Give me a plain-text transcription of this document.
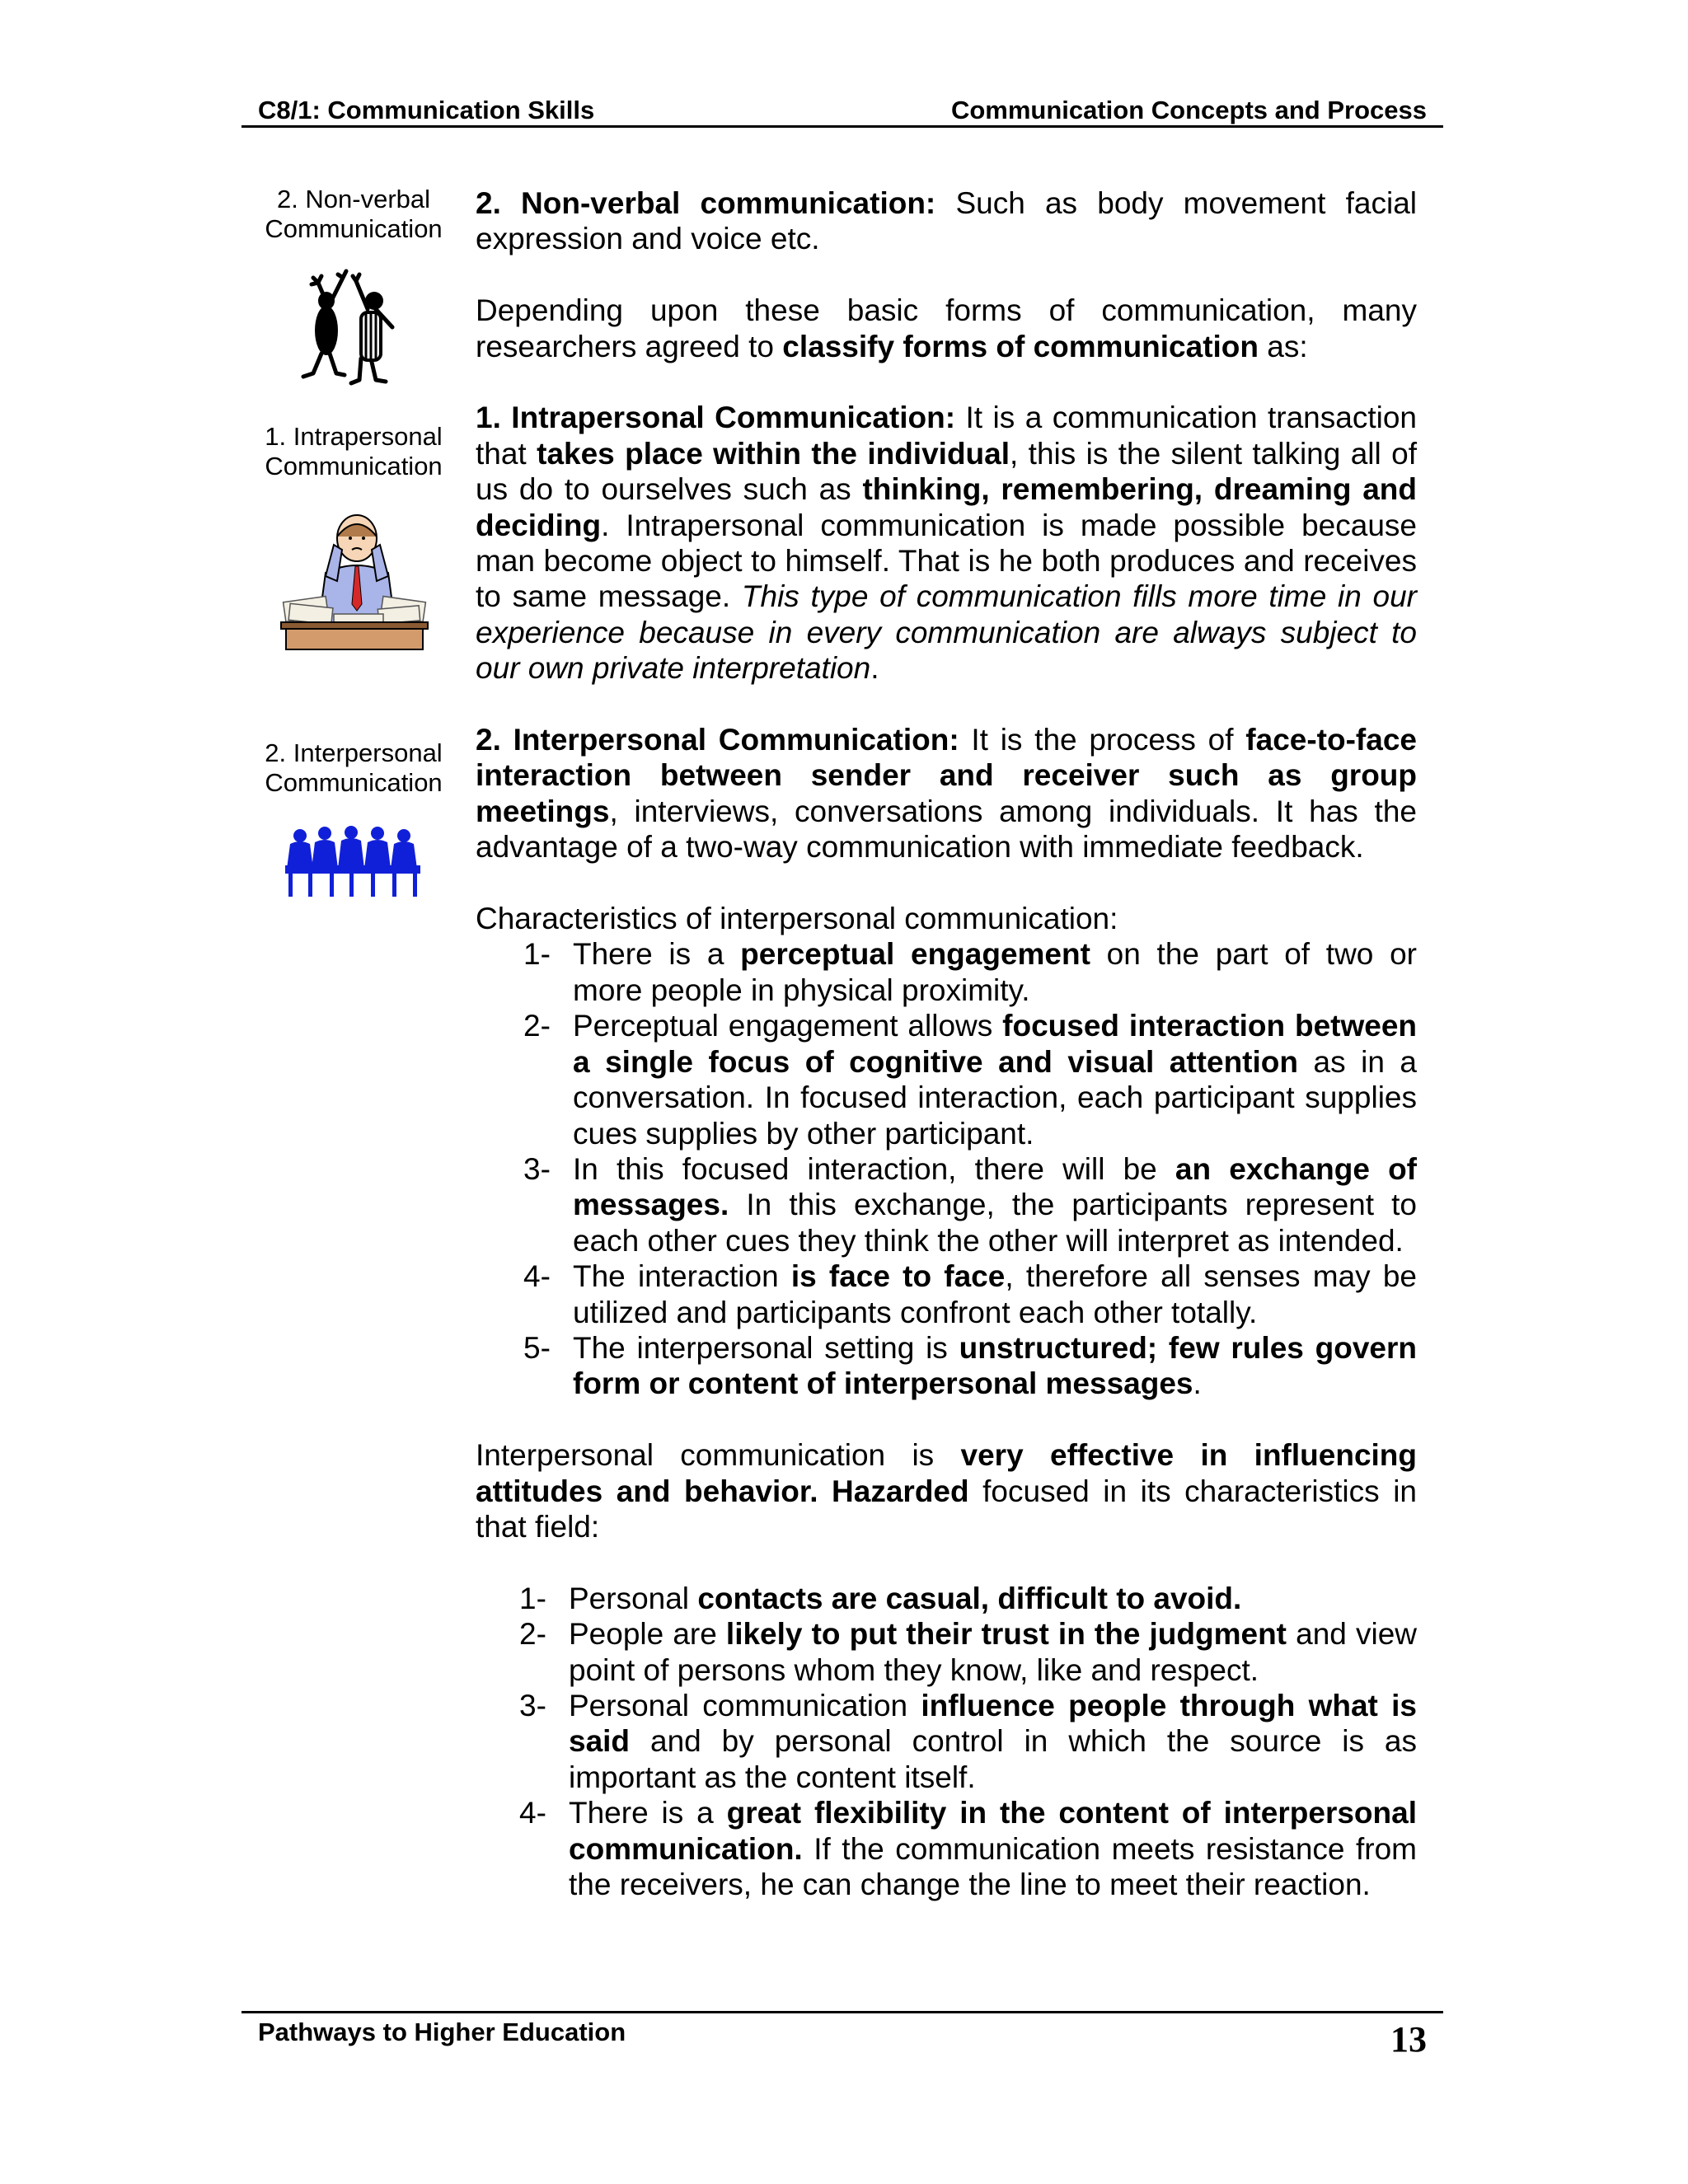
C8/1: Communication Skills	Communication Concepts and Process
2. Non-verbal
Communication
1. Intrapersonal
Communication
2. Interpersonal
Communication

2. Non-verbal communication: Such as body movement facial expression and voice etc.

Depending upon these basic forms of communication, many researchers agreed to classify forms of communication as:

1. Intrapersonal Communication: It is a communication transaction that takes place within the individual, this is the silent talking all of us do to ourselves such as thinking, remembering, dreaming and deciding. Intrapersonal communication is made possible because man become object to himself. That is he both produces and receives to same message. This type of communication fills more time in our experience because in every communication are always subject to our own private interpretation.

2. Interpersonal Communication: It is the process of face-to-face interaction between sender and receiver such as group meetings, interviews, conversations among individuals. It has the advantage of a two-way communication with immediate feedback.

Characteristics of interpersonal communication:

1- There is a perceptual engagement on the part of two or more people in physical proximity.
2- Perceptual engagement allows focused interaction between a single focus of cognitive and visual attention as in a conversation. In focused interaction, each participant supplies cues supplies by other participant.
3- In this focused interaction, there will be an exchange of messages. In this exchange, the participants represent to each other cues they think the other will interpret as intended.
4- The interaction is face to face, therefore all senses may be utilized and participants confront each other totally.
5- The interpersonal setting is unstructured; few rules govern form or content of interpersonal messages.

Interpersonal communication is very effective in influencing attitudes and behavior. Hazarded focused in its characteristics in that field:

1- Personal contacts are casual, difficult to avoid.
2- People are likely to put their trust in the judgment and view point of persons whom they know, like and respect.
3- Personal communication influence people through what is said and by personal control in which the source is as important as the content itself.
4- There is a great flexibility in the content of interpersonal communication. If the communication meets resistance from the receivers, he can change the line to meet their reaction.
Pathways to Higher Education	13
